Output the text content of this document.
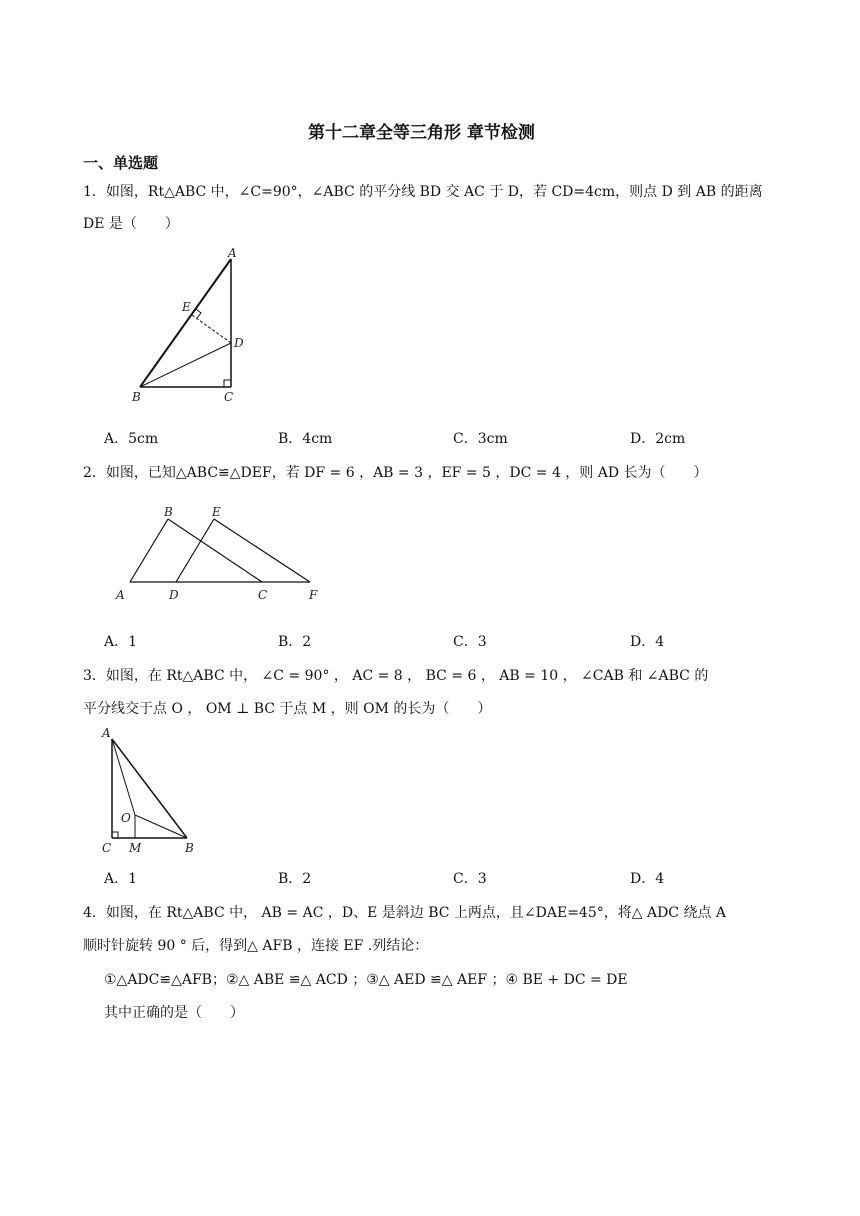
第十二章全等三角形 章节检测
一、单选题
1．如图，Rt△ABC 中，∠C=90°，∠ABC 的平分线 BD 交 AC 于 D，若 CD=4cm，则点 D 到 AB 的距离
DE 是（　　）
A
E
D
B	C
A．5cm	B．4cm	C．3cm	D．2cm
2．如图，已知△ABC≌△DEF，若 DF = 6 ，AB = 3 ，EF = 5 ，DC = 4 ，则 AD 长为（　　）
B	E
A	D	C	F
A．1	B．2	C．3	D．4
3．如图，在 Rt△ABC 中， ∠C = 90° ， AC = 8 ， BC = 6 ， AB = 10 ， ∠CAB 和 ∠ABC 的
平分线交于点 O ， OM ⊥ BC 于点 M ，则 OM 的长为（　　）
A
O
C M	B
A．1	B．2	C．3	D．4
4．如图，在 Rt△ABC 中， AB = AC ，D、E 是斜边 BC 上两点，且∠DAE=45°，将△ ADC 绕点 A
顺时针旋转 90 ° 后，得到△ AFB ，连接 EF .列结论：
①△ADC≌△AFB；②△ ABE ≌△ ACD ；③△ AED ≌△ AEF ；④ BE + DC = DE
其中正确的是（　　）
